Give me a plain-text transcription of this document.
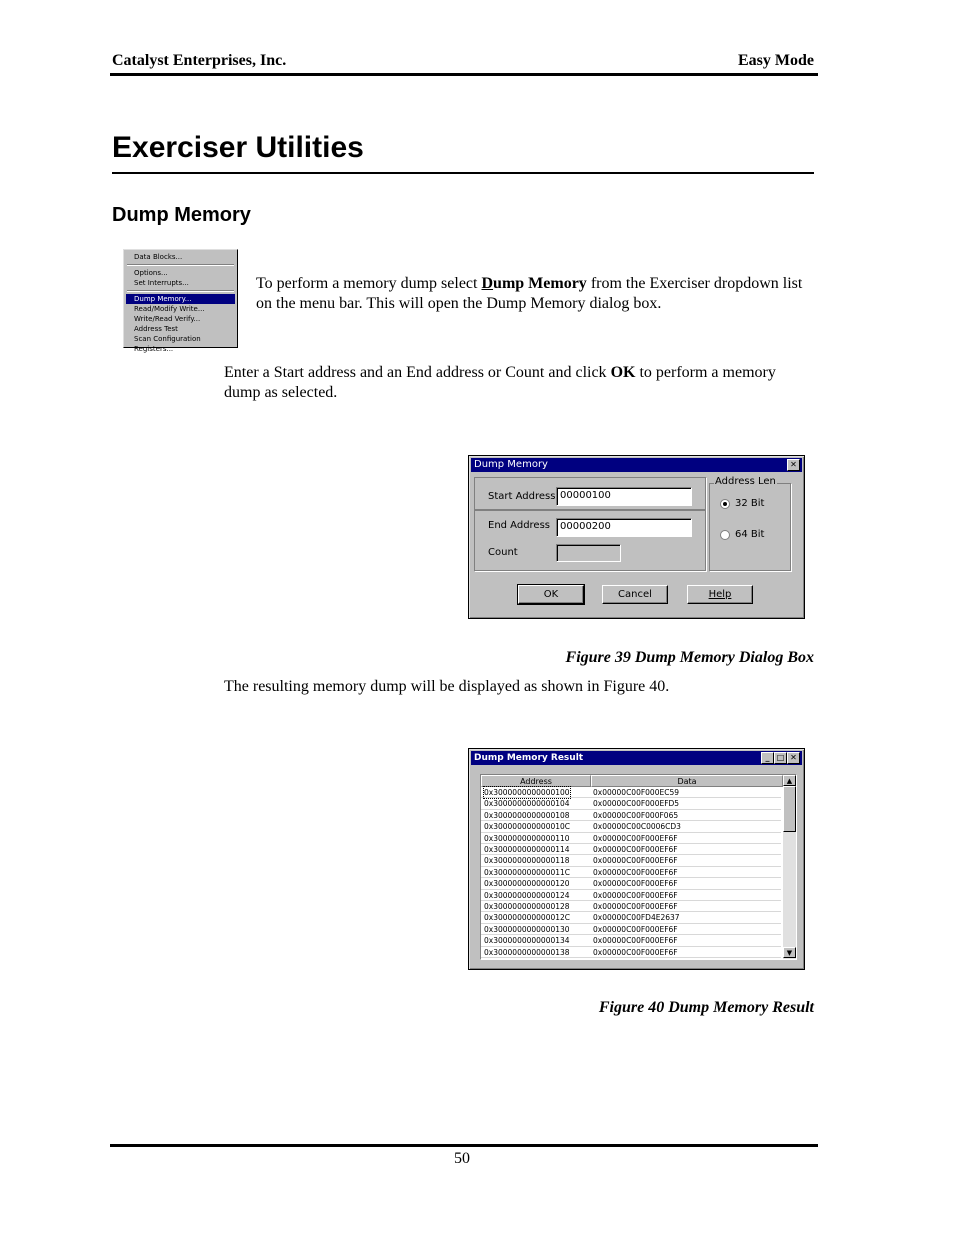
Catalyst Enterprises, Inc.	Easy Mode
Exerciser Utilities
Dump Memory
Data Blocks...
Options...
Set Interrupts...
Dump Memory...
Read/Modify Write...
Write/Read Verify...
Address Test
Scan Configuration Registers...
To perform a memory dump select Dump Memory from the Exerciser dropdown list on the menu bar. This will open the Dump Memory dialog box.
Enter a Start address and an End address or Count and click OK to perform a memory dump as selected.
Dump Memory	✕
Start Address 00000100
End Address 00000200
Count
Address Len
32 Bit
64 Bit
OK	Cancel	Help
Figure 39 Dump Memory Dialog Box
The resulting memory dump will be displayed as shown in Figure 40.
Dump Memory Result	_ □ ✕
Address	Data
0x3000000000000100	0x00000C00F000EC59
0x3000000000000104	0x00000C00F000EFD5
0x3000000000000108	0x00000C00F000F065
0x300000000000010C	0x00000C00C0006CD3
0x3000000000000110	0x00000C00F000EF6F
0x3000000000000114	0x00000C00F000EF6F
0x3000000000000118	0x00000C00F000EF6F
0x300000000000011C	0x00000C00F000EF6F
0x3000000000000120	0x00000C00F000EF6F
0x3000000000000124	0x00000C00F000EF6F
0x3000000000000128	0x00000C00F000EF6F
0x300000000000012C	0x00000C00FD4E2637
0x3000000000000130	0x00000C00F000EF6F
0x3000000000000134	0x00000C00F000EF6F
0x3000000000000138	0x00000C00F000EF6F
▲
▼
Figure 40 Dump Memory Result
50
